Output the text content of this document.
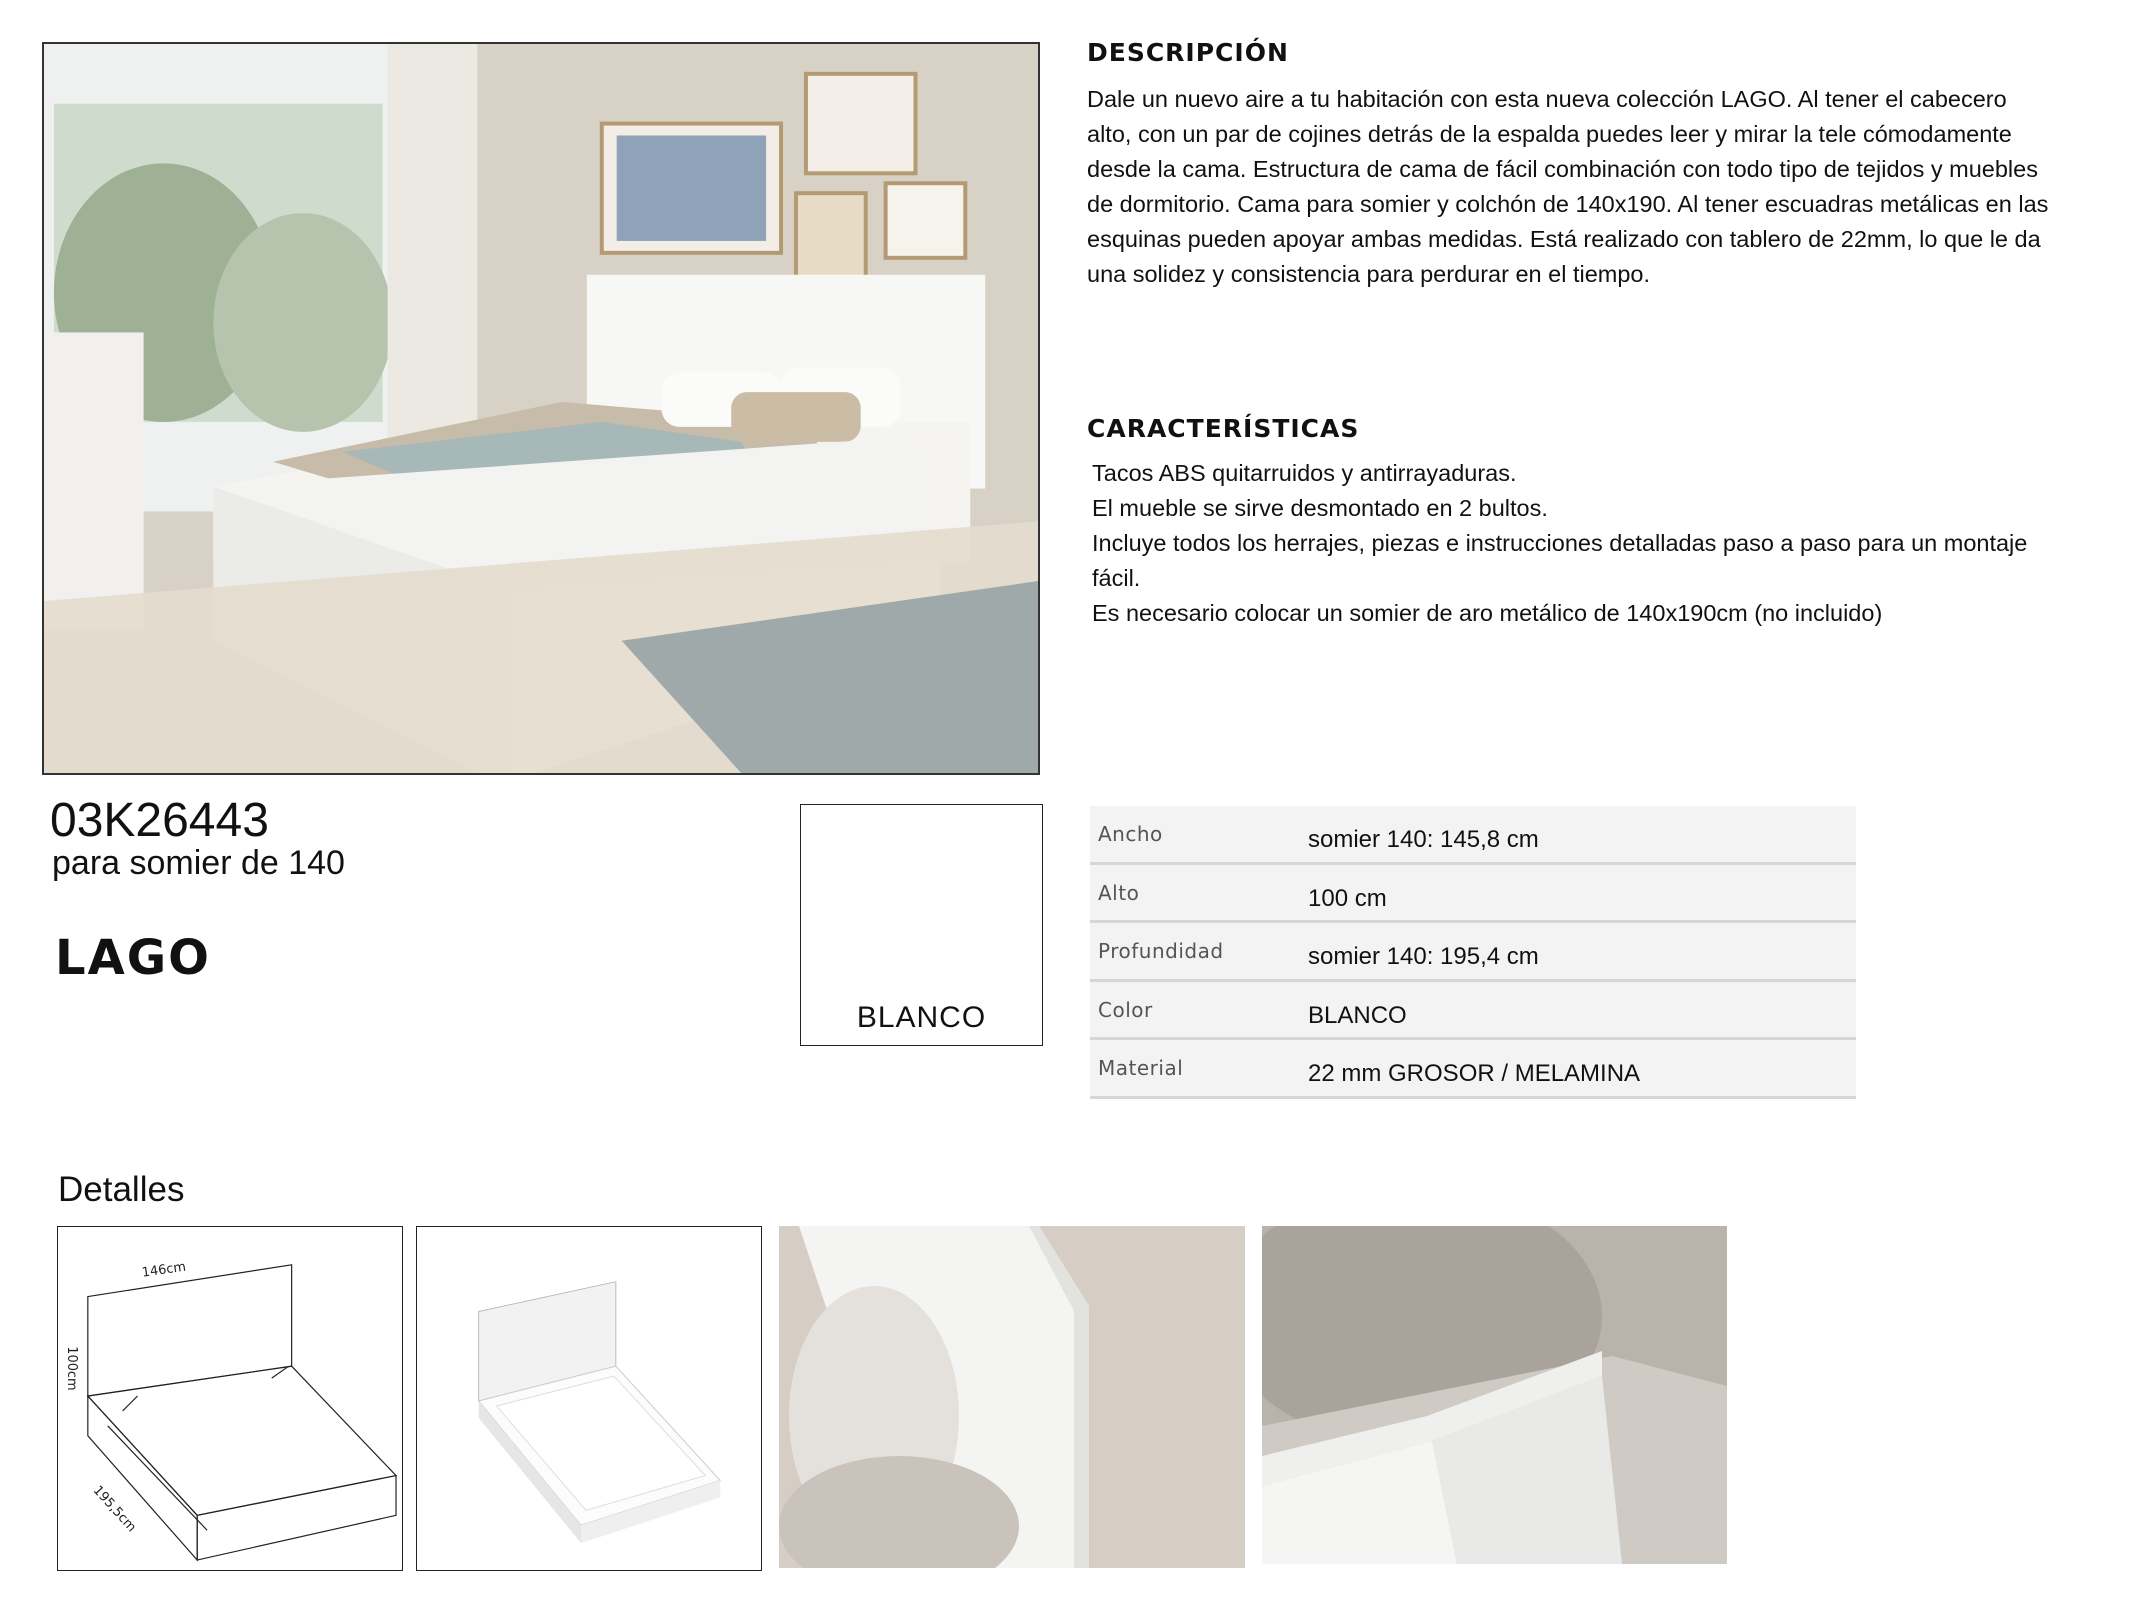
DESCRIPCIÓN
Dale un nuevo aire a tu habitación con esta nueva colección LAGO. Al tener el cabecero alto, con un par de cojines detrás de la espalda puedes leer y mirar la tele cómodamente desde la cama. Estructura de cama de fácil combinación con todo tipo de tejidos y muebles de dormitorio. Cama para somier y colchón de 140x190. Al tener escuadras metálicas en las esquinas pueden apoyar ambas medidas. Está realizado con tablero de 22mm, lo que le da una solidez y consistencia para perdurar en el tiempo.
CARACTERÍSTICAS
Tacos ABS quitarruidos y antirrayaduras.
El mueble se sirve desmontado en 2 bultos.
Incluye todos los herrajes, piezas e instrucciones detalladas paso a paso para un montaje fácil.
Es necesario colocar un somier de aro metálico de 140x190cm (no incluido)
03K26443
para somier de 140
LAGO
BLANCO
Ancho	somier 140: 145,8 cm
Alto	100 cm
Profundidad	somier 140: 195,4 cm
Color	BLANCO
Material	22 mm GROSOR / MELAMINA
Detalles
146cm
100cm
195,5cm
